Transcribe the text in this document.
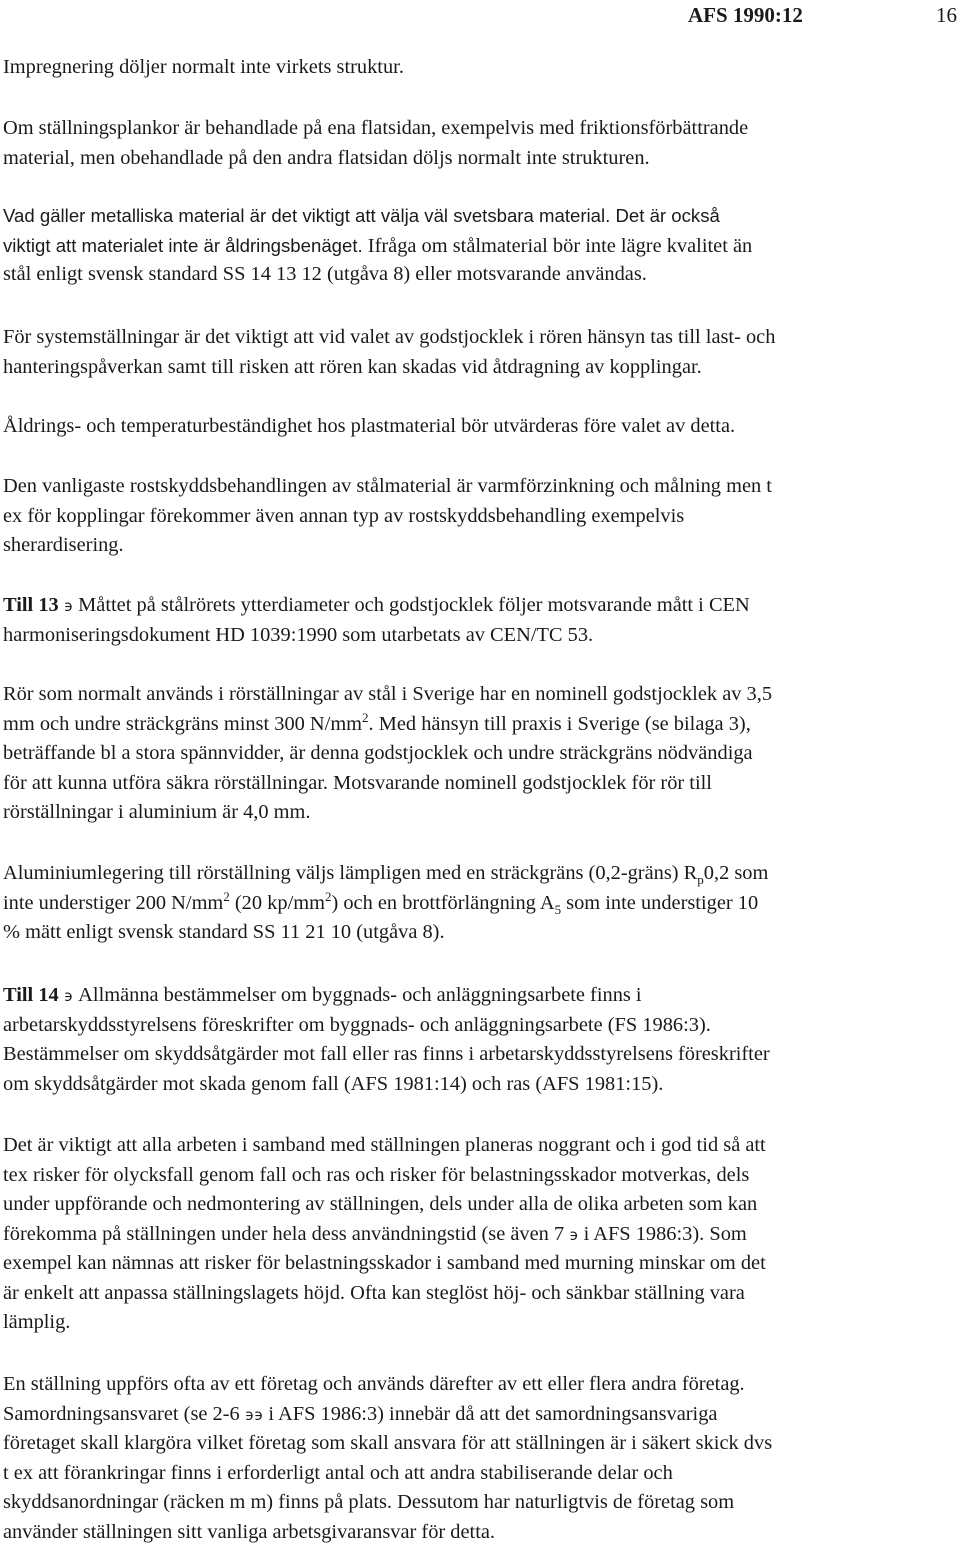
AFS 1990:12	16
Impregnering döljer normalt inte virkets struktur.
Om ställningsplankor är behandlade på ena flatsidan, exempelvis med friktionsförbättrande
material, men obehandlade på den andra flatsidan döljs normalt inte strukturen.
Vad gäller metalliska material är det viktigt att välja väl svetsbara material. Det är också
viktigt att materialet inte är åldringsbenäget. Ifråga om stålmaterial bör inte lägre kvalitet än
stål enligt svensk standard SS 14 13 12 (utgåva 8) eller motsvarande användas.
För systemställningar är det viktigt att vid valet av godstjocklek i rören hänsyn tas till last- och
hanteringspåverkan samt till risken att rören kan skadas vid åtdragning av kopplingar.
Åldrings- och temperaturbeständighet hos plastmaterial bör utvärderas före valet av detta.
Den vanligaste rostskyddsbehandlingen av stålmaterial är varmförzinkning och målning men t
ex för kopplingar förekommer även annan typ av rostskyddsbehandling exempelvis
sherardisering.
Till 13 ϶ Måttet på stålrörets ytterdiameter och godstjocklek följer motsvarande mått i CEN
harmoniseringsdokument HD 1039:1990 som utarbetats av CEN/TC 53.
Rör som normalt används i rörställningar av stål i Sverige har en nominell godstjocklek av 3,5
mm och undre sträckgräns minst 300 $N/mm^2$. Med hänsyn till praxis i Sverige (se bilaga 3),
beträffande bl a stora spännvidder, är denna godstjocklek och undre sträckgräns nödvändiga
för att kunna utföra säkra rörställningar. Motsvarande nominell godstjocklek för rör till
rörställningar i aluminium är 4,0 mm.
Aluminiumlegering till rörställning väljs lämpligen med en sträckgräns (0,2-gräns) $R_p0,2$ som
inte understiger 200 $N/mm^2$ (20 $kp/mm^2$) och en brottförlängning $A_5$ som inte understiger 10
% mätt enligt svensk standard SS 11 21 10 (utgåva 8).
Till 14 ϶ Allmänna bestämmelser om byggnads- och anläggningsarbete finns i
arbetarskyddsstyrelsens föreskrifter om byggnads- och anläggningsarbete (FS 1986:3).
Bestämmelser om skyddsåtgärder mot fall eller ras finns i arbetarskyddsstyrelsens föreskrifter
om skyddsåtgärder mot skada genom fall (AFS 1981:14) och ras (AFS 1981:15).
Det är viktigt att alla arbeten i samband med ställningen planeras noggrant och i god tid så att
tex risker för olycksfall genom fall och ras och risker för belastningsskador motverkas, dels
under uppförande och nedmontering av ställningen, dels under alla de olika arbeten som kan
förekomma på ställningen under hela dess användningstid (se även 7 ϶ i AFS 1986:3). Som
exempel kan nämnas att risker för belastningsskador i samband med murning minskar om det
är enkelt att anpassa ställningslagets höjd. Ofta kan steglöst höj- och sänkbar ställning vara
lämplig.
En ställning uppförs ofta av ett företag och används därefter av ett eller flera andra företag.
Samordningsansvaret (se 2-6 ϶϶ i AFS 1986:3) innebär då att det samordningsansvariga
företaget skall klargöra vilket företag som skall ansvara för att ställningen är i säkert skick dvs
t ex att förankringar finns i erforderligt antal och att andra stabiliserande delar och
skyddsanordningar (räcken m m) finns på plats. Dessutom har naturligtvis de företag som
använder ställningen sitt vanliga arbetsgivaransvar för detta.
